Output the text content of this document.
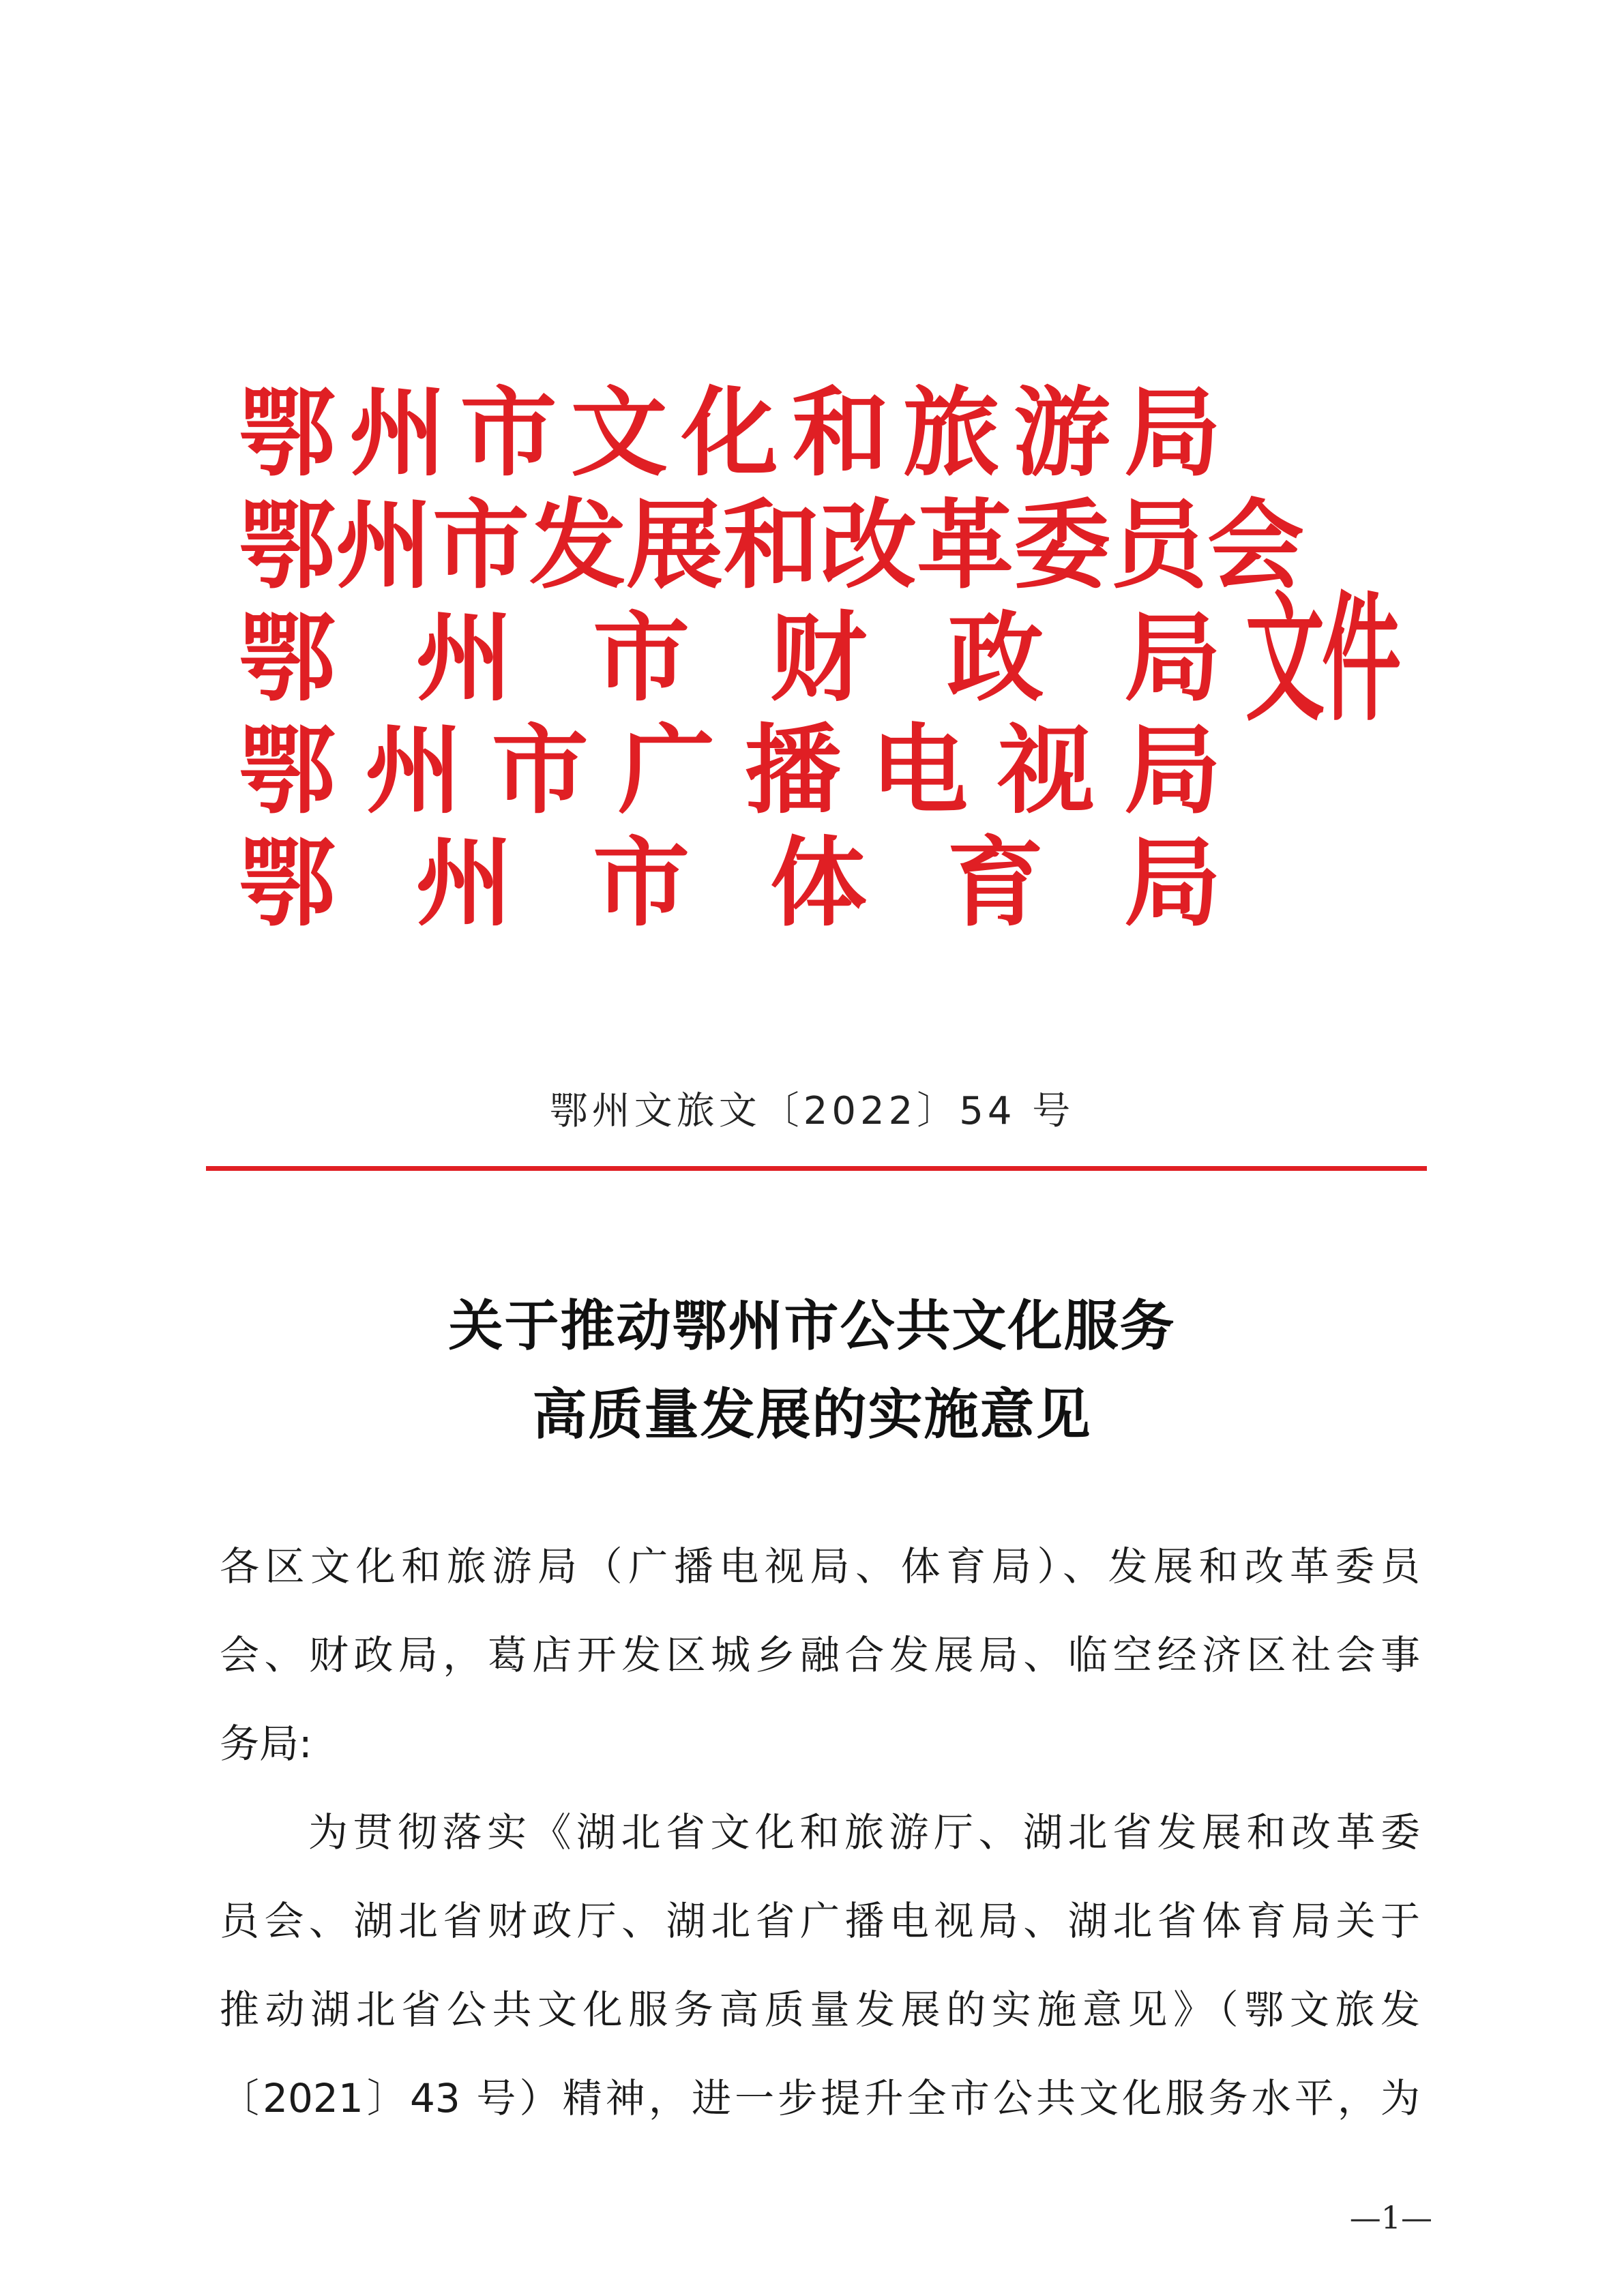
鄂 州 市 文 化 和 旅 游 局
鄂 州 市 发 展 和 改 革 委 员 会
鄂 州 市 财 政 局
鄂 州 市 广 播 电 视 局
鄂 州 市 体 育 局
文件
鄂州文旅文〔2022〕54 号
关于推动鄂州市公共文化服务
高质量发展的实施意见
各区文化和旅游局（广播电视局、体育局）、发展和改革委员
会、财政局，葛店开发区城乡融合发展局、临空经济区社会事
务局:
为贯彻落实《湖北省文化和旅游厅、湖北省发展和改革委
员会、湖北省财政厅、湖北省广播电视局、湖北省体育局关于
推动湖北省公共文化服务高质量发展的实施意见》（鄂文旅发
〔2021〕43 号）精神，进一步提升全市公共文化服务水平，为
—1—
